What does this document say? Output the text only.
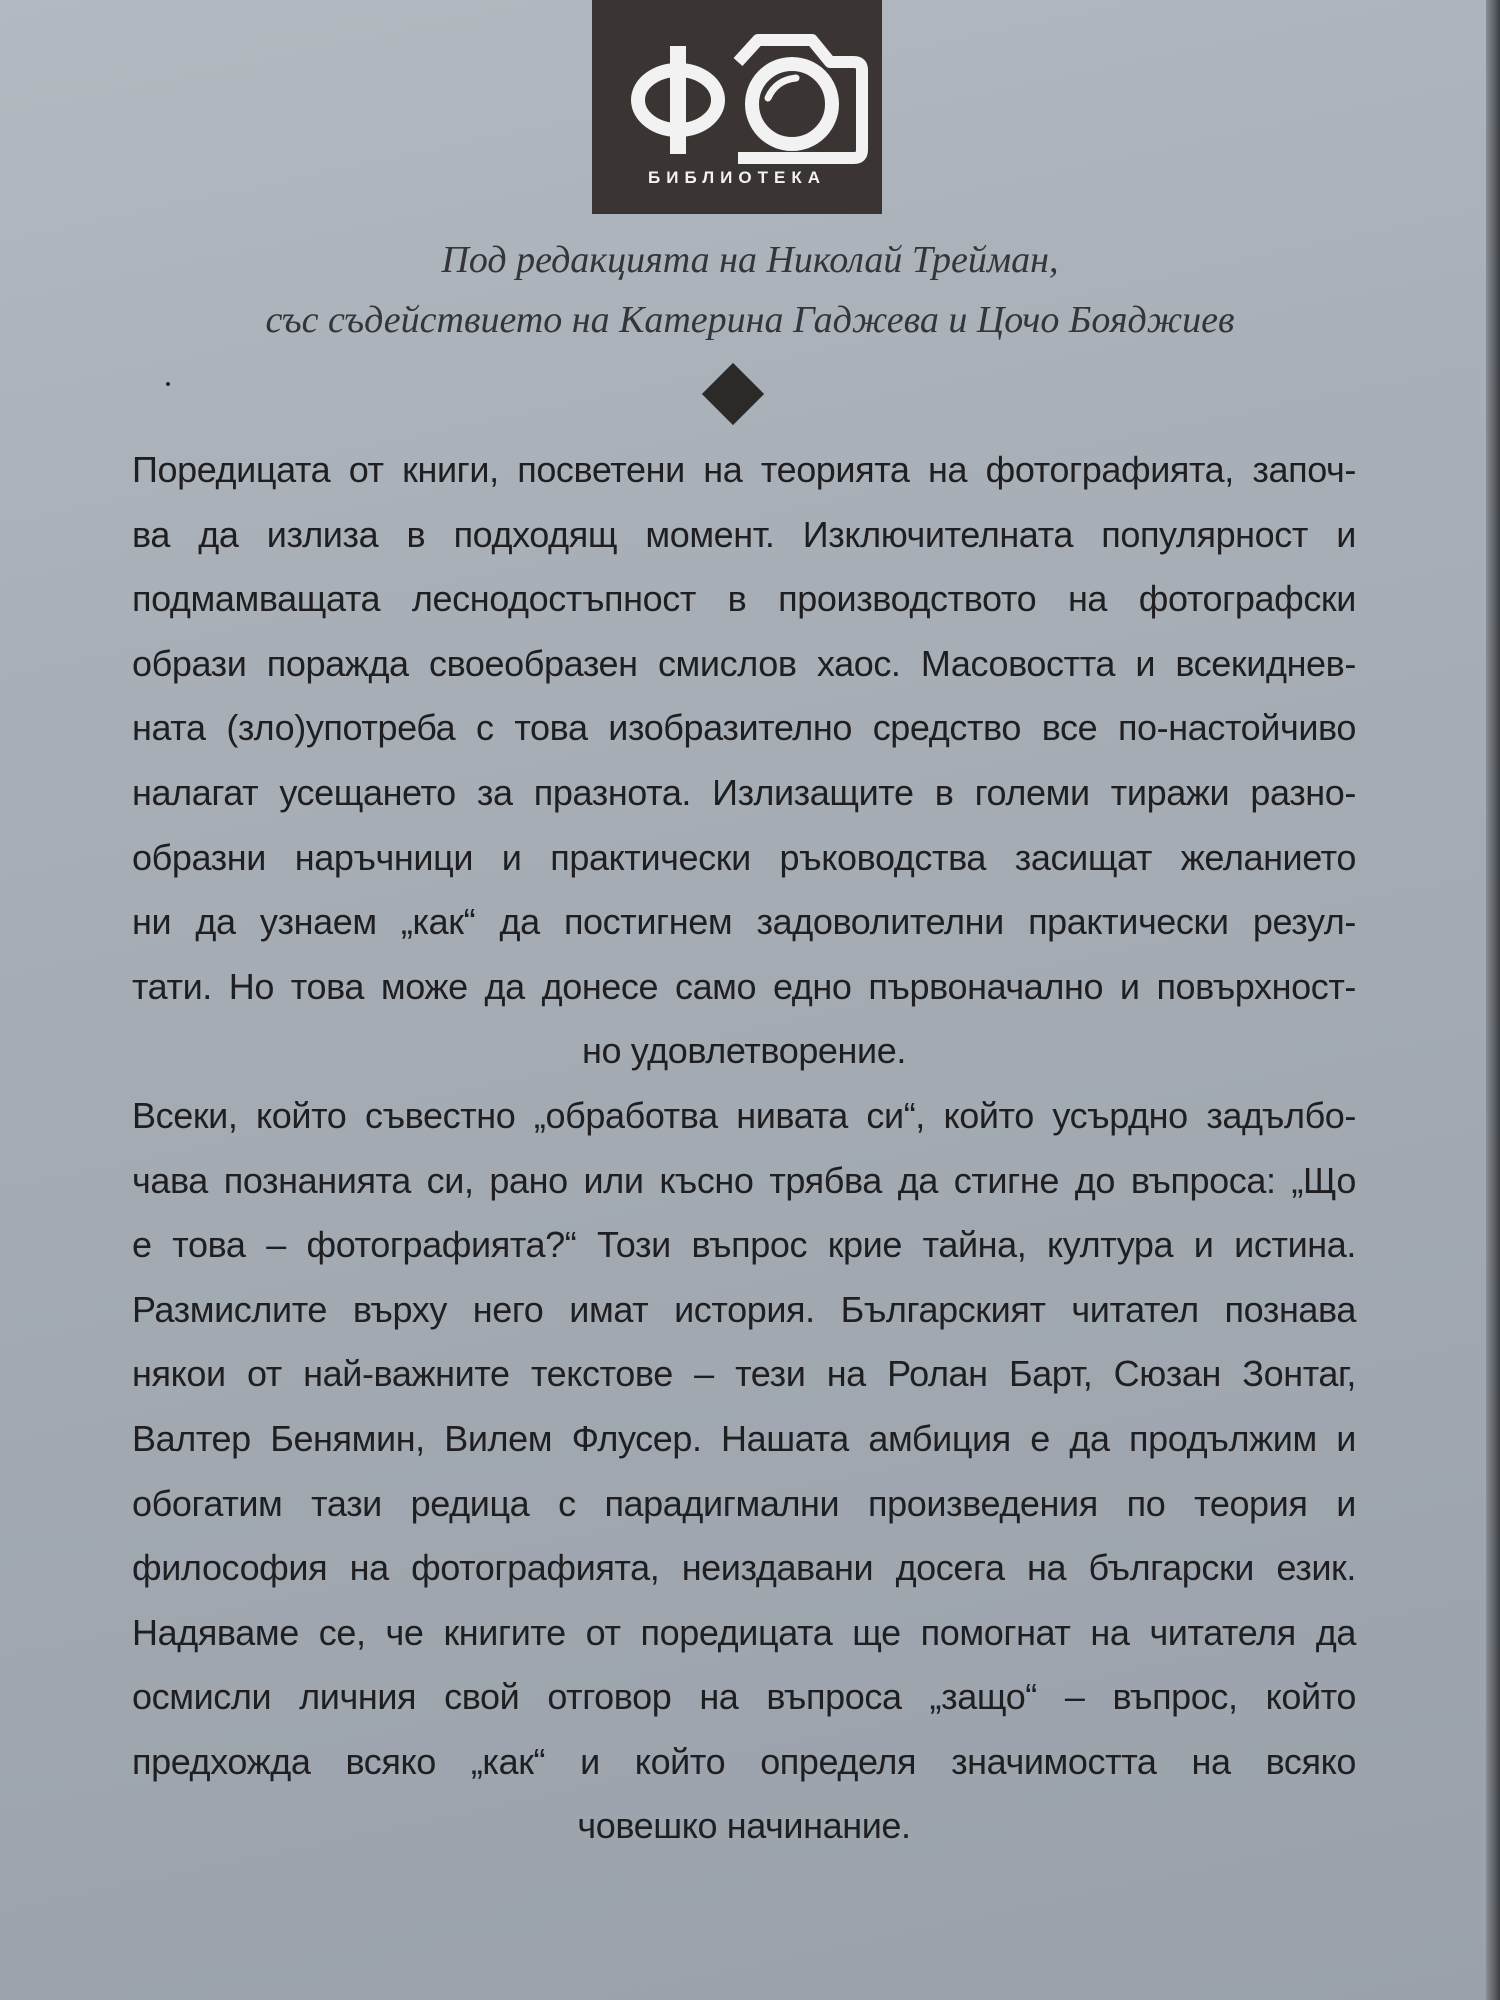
БИБЛИОТЕКА
Под редакцията на Николай Трейман,
със съдействието на Катерина Гаджева и Цочо Бояджиев
Поредицата от книги, посветени на теорията на фотографията, започ-
ва да излиза в подходящ момент. Изключителната популярност и
подмамващата леснодостъпност в производството на фотографски
образи поражда своеобразен смислов хаос. Масовостта и всекиднев-
ната (зло)употреба с това изобразително средство все по-настойчиво
налагат усещането за празнота. Излизащите в големи тиражи разно-
образни наръчници и практически ръководства засищат желанието
ни да узнаем „как“ да постигнем задоволителни практически резул-
тати. Но това може да донесе само едно първоначално и повърхност-
но удовлетворение.
Всеки, който съвестно „обработва нивата си“, който усърдно задълбо-
чава познанията си, рано или късно трябва да стигне до въпроса: „Що
е това – фотографията?“ Този въпрос крие тайна, култура и истина.
Размислите върху него имат история. Българският читател познава
някои от най-важните текстове – тези на Ролан Барт, Сюзан Зонтаг,
Валтер Бенямин, Вилем Флусер. Нашата амбиция е да продължим и
обогатим тази редица с парадигмални произведения по теория и
философия на фотографията, неиздавани досега на български език.
Надяваме се, че книгите от поредицата ще помогнат на читателя да
осмисли личния свой отговор на въпроса „защо“ – въпрос, който
предхожда всяко „как“ и който определя значимостта на всяко
човешко начинание.
